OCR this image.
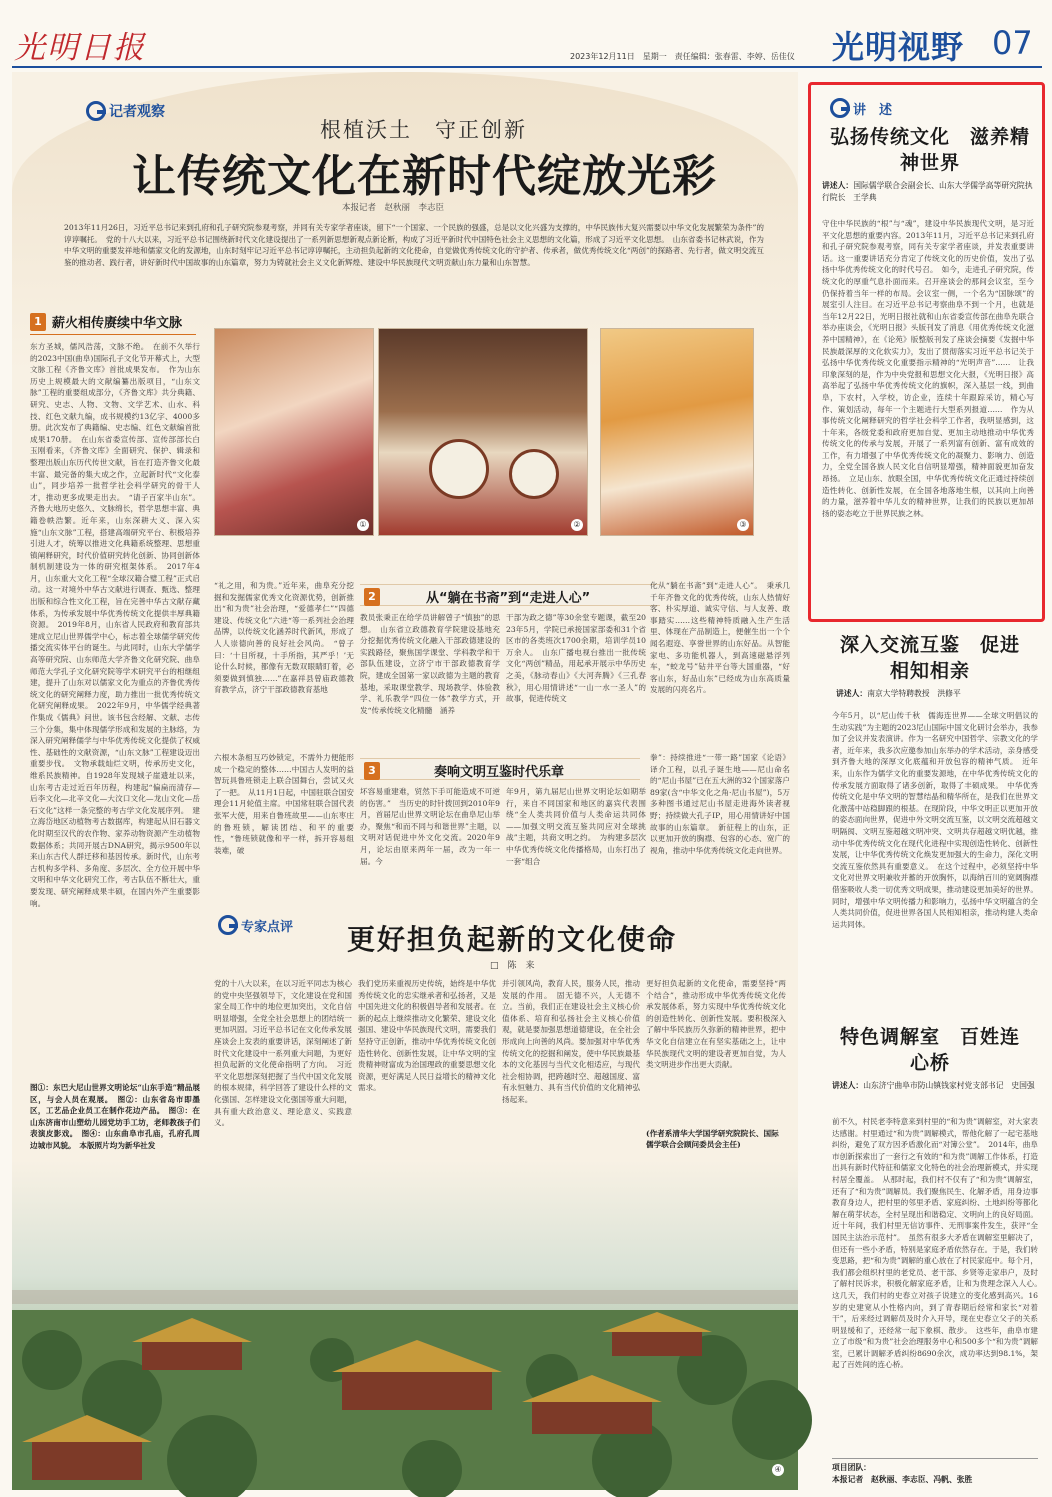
光明日报	2023年12月11日　星期一　责任编辑：张春雷、李婷、岳佳仪 光明视野 07
记者观察
根植沃土　守正创新
让传统文化在新时代绽放光彩
本报记者　赵秋丽　李志臣
2013年11月26日，习近平总书记来到孔府和孔子研究院参观考察，并同有关专家学者座谈，留下“一个国家、一个民族的强盛，总是以文化兴盛为支撑的，中华民族伟大复兴需要以中华文化发展繁荣为条件”的谆谆嘱托。　党的十八大以来，习近平总书记围绕新时代文化建设提出了一系列新思想新观点新论断，构成了习近平新时代中国特色社会主义思想的文化篇，形成了习近平文化思想。　山东省委书记林武说，作为中华文明的重要发祥地和儒家文化的发源地，山东时刻牢记习近平总书记谆谆嘱托，主动担负起新的文化使命，自觉做优秀传统文化的守护者、传承者，做优秀传统文化“两创”的探路者、先行者，做文明交流互鉴的推动者、践行者，讲好新时代中国故事的山东篇章，努力为铸就社会主义文化新辉煌、建设中华民族现代文明贡献山东力量和山东智慧。
1 薪火相传赓续中华文脉
东方圣城，儒风浩荡，文脉不绝。　在前不久举行的2023中国(曲阜)国际孔子文化节开幕式上，大型文脉工程《齐鲁文库》首批成果发布。　作为山东历史上规模最大的文献编纂出版项目，“山东文脉”工程的重要组成部分，《齐鲁文库》共分典籍、研究、史志、人物、文物、文学艺术、山水、科技、红色文献九编，成书规模约13亿字、4000多册。此次发布了典籍编、史志编、红色文献编首批成果170册。　在山东省委宣传部、宣传部部长白玉刚看来，《齐鲁文库》全面研究、保护、辑录和整理出版山东历代传世文献，旨在打造齐鲁文化最丰富、最完备的集大成之作，立起新时代“文化泰山”，同步培养一批哲学社会科学研究的骨干人才，推动更多成果走出去。　“请子百家半山东”。齐鲁大地历史悠久、文脉绵长，哲学思想丰富、典籍卷帙浩繁。近年来，山东深耕大义、深入实施“山东文脉”工程，搭建高端研究平台、积极培养引进人才，统筹以推进文化典籍系统整理、思想重镇阐释研究，时代价值研究转化创新、协同创新体制机制建设为一体的研究框架体系。　2017年4月，山东重大文化工程“全球汉籍合璧工程”正式启动。这一对境外中华古文献进行调查、甄选、整理出版和综合性文化工程，旨在完善中华古文献存藏体系，为传承发展中华优秀传统文化提供丰厚典籍资源。　2019年8月，山东省人民政府和教育部共建成立尼山世界儒学中心，标志着全球儒学研究传播交流实体平台的诞生。与此同时，山东大学儒学高等研究院、山东师范大学齐鲁文化研究院、曲阜师范大学孔子文化研究院等学术研究平台的相继组建，提升了山东对以儒家文化为重点的齐鲁优秀传统文化的研究阐释力度，助力推出一批优秀传统文化研究阐释成果。　2022年9月，中华儒学经典著作集成《儒典》问世。该书包含经解、文献、志传三个分集，集中体现儒学形成和发展的主脉络，为深入研究阐释儒学与中华优秀传统文化提供了权威性、基础性的文献资源，“山东文脉”工程建设迈出重要步伐。　文物承载灿烂文明，传承历史文化，维系民族精神。自1928年发现城子崖遗址以来，山东考古走过近百年历程，构建起“偏扁而清存—后李文化—北辛文化—大汶口文化—龙山文化—岳石文化”这样一条完整的考古学文化发展序列。　建立海岱地区动植物考古数据库，构建起从旧石器文化时期至汉代的农作物、家养动物资源产生动植物数据体系；共同开展古DNA研究，揭示9500年以来山东古代人群迁移和基因传承。新时代，山东考古机构多学科、多角度、多层次、全方位开展中华文明和中华文化研究工作，考古队伍不断壮大，重要发现、研究阐释成果丰硕，在国内外产生重要影响。
①	②	③
“礼之用，和为贵。”近年来，曲阜充分挖掘和发掘儒家优秀文化资源优势，创新推出“和为贵”社会治理，“爱德孝仁”“四德建设、传统文化”六进“等一系列社会治理品牌，以传统文化涵养时代新风，形成了人人崇德向善的良好社会风尚。　“曾子曰：‘十目所视，十手所指，其严乎！’无论什么时候，都像有无数双眼睛盯着，必须要做到慎独……”在嘉祥县曾庙政德教育教学点，济宁干部政德教育基地
2	从“躺在书斋”到“走进人心”
教员张秉正在给学员讲解曾子“慎独”的思想。　山东省立政德教育学院建设基地充分挖掘优秀传统文化融入干部政德建设的实践路径，聚焦国学课堂、学科教学和干部队伍建设，立济宁市干部政德教育学院，建成全国第一家以政德为主题的教育基地，采取课堂教学、现场教学、体验教学、礼乐教学“四位一体”教学方式，开发“传承传统文化精髓　涵养
干部为政之德”等30余堂专题课，截至2023年5月，学院已承接国家部委和31个省区市的各类班次1700余期，培训学员10万余人。　山东广播电视台推出一批传统文化“两创”精品，用起承开展示中华历史之美，《脉动春山》《大河奔腾》《三孔春秋》，用心用情讲述“一山一水一圣人”的故事，促进传统文
化从“躺在书斋”到“走进人心”。　秉承几千年齐鲁文化的优秀传统，山东人热情好客、朴实厚道、诚实守信、与人友善、敢事踏实……这些精神特质融入生产生活里、体现在产品制造上，便催生出一个个闻名遐迩、享誉世界的山东好品。从智能家电、多功能机器人，到高速磁悬浮列车，“蛟龙号”钻井平台等大国重器，“好客山东，好品山东”已经成为山东高质量发展的闪亮名片。
六根木条相互巧妙锁定，不需外力便能形成一个稳定的整体……中国古人发明的益智玩具鲁班锁走上联合国舞台，尝试又火了一把。　从11月1日起，中国驻联合国安理会11月轮值主席。中国常驻联合国代表张军大使，用来自鲁班故里——山东枣庄的鲁班锁，解读团结、和平的重要性，“鲁班锁就像和平一样，拆开容易组装难，破
3	奏响文明互鉴时代乐章
坏容易重建难，贸然下手可能造成不可逆的伤害。”　当历史的时针拨回到2010年9月，首届尼山世界文明论坛在曲阜尼山举办，聚焦“和而不同与和谐世界”主题，以文明对话促进中外文化交流。2020年9月，论坛由原来两年一届，改为一年一届。今
年9月，第九届尼山世界文明论坛如期举行，来自不同国家和地区的嘉宾代表围绕“全人类共同价值与人类命运共同体——加强文明交流互鉴共同应对全球挑战”主题，共商文明之约。　为构建多层次中华优秀传统文化传播格局，山东打出了一套“组合
拳”：持续推进“一带一路”国家《论语》译介工程，以孔子诞生地——尼山命名的“尼山书屋”已在五大洲的32个国家落户89家(含“中华文化之角·尼山书屋”)，5万多种图书通过尼山书屋走进海外读者视野；持续做大孔子IP，用心用情讲好中国故事的山东篇章。　新征程上的山东，正以更加开放的胸襟、包容的心态、宽广的视角，推动中华优秀传统文化走向世界。
专家点评 更好担负起新的文化使命
□　陈　来
党的十八大以来，在以习近平同志为核心的党中央坚强领导下，文化建设在党和国家全局工作中的地位更加突出，文化自信明显增强，全党全社会思想上的团结统一更加巩固。习近平总书记在文化传承发展座谈会上发表的重要讲话，深刻阐述了新时代文化建设中一系列重大问题，为更好担负起新的文化使命指明了方向。　习近平文化思想深刻把握了当代中国文化发展的根本规律，科学回答了建设什么样的文化强国、怎样建设文化强国等重大问题，具有重大政治意义、理论意义、实践意义。
我们党历来重视历史传统，始终是中华优秀传统文化的忠实继承者和弘扬者，又是中国先进文化的积极倡导者和发展者。在新的起点上继续推动文化繁荣、建设文化强国、建设中华民族现代文明，需要我们坚持守正创新，推动中华优秀传统文化创造性转化、创新性发展，让中华文明的宝贵精神财富成为治国理政的重要思想文化资源，更好满足人民日益增长的精神文化需求。
并引领风尚，教育人民，服务人民，推动发展的作用。　固无德不兴，人无德不立。当前，我们正在建设社会主义核心价值体系、培育和弘扬社会主义核心价值观，就是要加强思想道德建设，在全社会形成向上向善的风尚。要加强对中华优秀传统文化的挖掘和阐发，使中华民族最基本的文化基因与当代文化相适应，与现代社会相协调，把跨越时空、超越国度、富有永恒魅力、具有当代价值的文化精神弘扬起来。
更好担负起新的文化使命，需要坚持“两个结合”，推动形成中华优秀传统文化传承发展体系，努力实现中华优秀传统文化的创造性转化、创新性发展。要积极深入了解中华民族历久弥新的精神世界，把中华文化自信建立在有坚实基础之上，让中华民族现代文明的建设者更加自觉，为人类文明进步作出更大贡献。
(作者系清华大学国学研究院院长、国际儒学联合会顾问委员会主任)
图①：东巴大尼山世界文明论坛“山东手造”精品展区，与会人员在观展。　图②：山东省岛市即墨区，工艺品企业员工在制作花边产品。　图③：在山东济南市山塑幼儿园党坊手工坊，老师教孩子们表演皮影戏。　图④：山东曲阜市孔庙，孔府孔周边城市风貌。　本版照片均为新华社发
④
讲　述
弘扬传统文化　滋养精神世界
讲述人：国际儒学联合会副会长、山东大学儒学高等研究院执行院长　王学典
守住中华民族的“根”与“魂”，建设中华民族现代文明，是习近平文化思想的重要内容。2013年11月，习近平总书记来到孔府和孔子研究院参观考察，同有关专家学者座谈，并发表重要讲话。这一重要讲话充分肯定了传统文化的历史价值，发出了弘扬中华优秀传统文化的时代号召。　如今，走进孔子研究院，传统文化的厚重气息扑面而来。召开座谈会的那间会议室，至今仍保持着当年一样的布局。会议室一侧，一个名为“国脉颂”的展室引人注目。在习近平总书记考察曲阜不到一个月，也就是当年12月22日，光明日报社就和山东省委宣传部在曲阜先联合举办座谈会，《光明日报》头版刊发了消息《用优秀传统文化滋养中国精神》，在《论苑》版整版刊发了座谈会摘要《发掘中华民族最深厚的文化软实力》，发出了贯彻落实习近平总书记关于弘扬中华优秀传统文化重要指示精神的“光明声音”……　让我印象深刻的是，作为中央党报和思想文化大报，《光明日报》高高举起了弘扬中华优秀传统文化的旗帜，深入基层一线，到曲阜，下农村，入学校，访企业，连续十年跟踪采访，精心写作、策划活动，每年一个主题进行大型系列报道……　作为从事传统文化阐释研究的哲学社会科学工作者，我明显感到，这十年来，各级党委和政府更加自觉、更加主动地推动中华优秀传统文化的传承与发展，开展了一系列富有创新、富有成效的工作，有力增强了中华优秀传统文化的凝聚力、影响力、创造力，全党全国各族人民文化自信明显增强，精神面貌更加奋发昂扬。　立足山东、放眼全国，中华优秀传统文化正通过持续创造性转化、创新性发展，在全国各地落地生根，以其向上向善的力量，滋养着中华儿女的精神世界，让我们的民族以更加昂扬的姿态屹立于世界民族之林。
深入交流互鉴　促进相知相亲
讲述人：南京大学特聘教授　洪修平
今年5月，以“尼山传千秋　儒海连世界——全球文明倡议的生动实践”为主题的2023尼山国际中国文化研讨会举办，我参加了会议并发表演讲。作为一名研究中国哲学、宗教文化的学者，近年来，我多次应邀参加山东举办的学术活动，亲身感受到齐鲁大地的深厚文化底蕴和开放包容的精神气质。　近年来，山东作为儒学文化的重要发源地，在中华优秀传统文化的传承发展方面取得了诸多创新，取得了丰硕成果。　中华优秀传统文化是中华文明的智慧结晶和精华所在，是我们在世界文化激荡中站稳脚跟的根基。在现阶段，中华文明正以更加开放的姿态面向世界，促进中外文明交流互鉴，以文明交流超越文明隔阂、文明互鉴超越文明冲突、文明共存超越文明优越，推动中华优秀传统文化在现代化进程中实现创造性转化、创新性发展，让中华优秀传统文化焕发更加强大的生命力，深化文明交流互鉴依然具有重要意义。　在这个过程中，必须坚持中华文化对世界文明兼收并蓄的开放胸怀，以海纳百川的宽阔胸襟借鉴吸收人类一切优秀文明成果，推动建设更加美好的世界。同时，增强中华文明传播力和影响力，弘扬中华文明蕴含的全人类共同价值，促进世界各国人民相知相亲，推动构建人类命运共同体。
特色调解室　百姓连心桥
讲述人：山东济宁曲阜市防山镇钱家村党支部书记　史国强
前不久，村民老李特意来到村里的“和为贵”调解室，对大家表达感谢。村里通过“和为贵”调解模式，帮他化解了一起宅基地纠纷，避免了双方因矛盾激化而“对簿公堂”。　2014年，曲阜市创新探索出了一套行之有效的“和为贵”调解工作体系，打造出具有新时代特征和儒家文化特色的社会治理新模式，并实现村居全覆盖。　从那时起，我们村不仅有了“和为贵”调解室，还有了“和为贵”调解员。我们聚焦民生、化解矛盾，用身边事教育身边人，把村里的邻里矛盾、家庭纠纷、土地纠纷等都化解在萌芽状态，全村呈现出和谐稳定、文明向上的良好局面。近十年间，我们村里无信访事件、无刑事案件发生，获评“全国民主法治示范村”。　虽然有很多大矛盾在调解室里解决了，但还有一些小矛盾，特别是家庭矛盾依然存在。于是，我们转变思路，把“和为贵”调解的重心放在了村民家庭中。每个月，我们都会组织村里的老党员、老干部、乡贤等走家串户，及时了解村民诉求，积极化解家庭矛盾，让和为贵理念深入人心。　这几天，我们村的史春立对孩子说建立的变化感到高兴。16岁的史建宽从小性格内向，到了青春期后经常和家长“对着干”，后来经过调解员及时介入开导，现在史春立父子的关系明显缓和了，还经常一起下象棋、散步。　这些年，曲阜市建立了市级“和为贵”社会治理服务中心和500多个“和为贵”调解室，已累计调解矛盾纠纷8690余次，成功率达到98.1%，架起了百姓间的连心桥。
项目团队：
本报记者　赵秋丽、李志臣、冯帆、张胜
